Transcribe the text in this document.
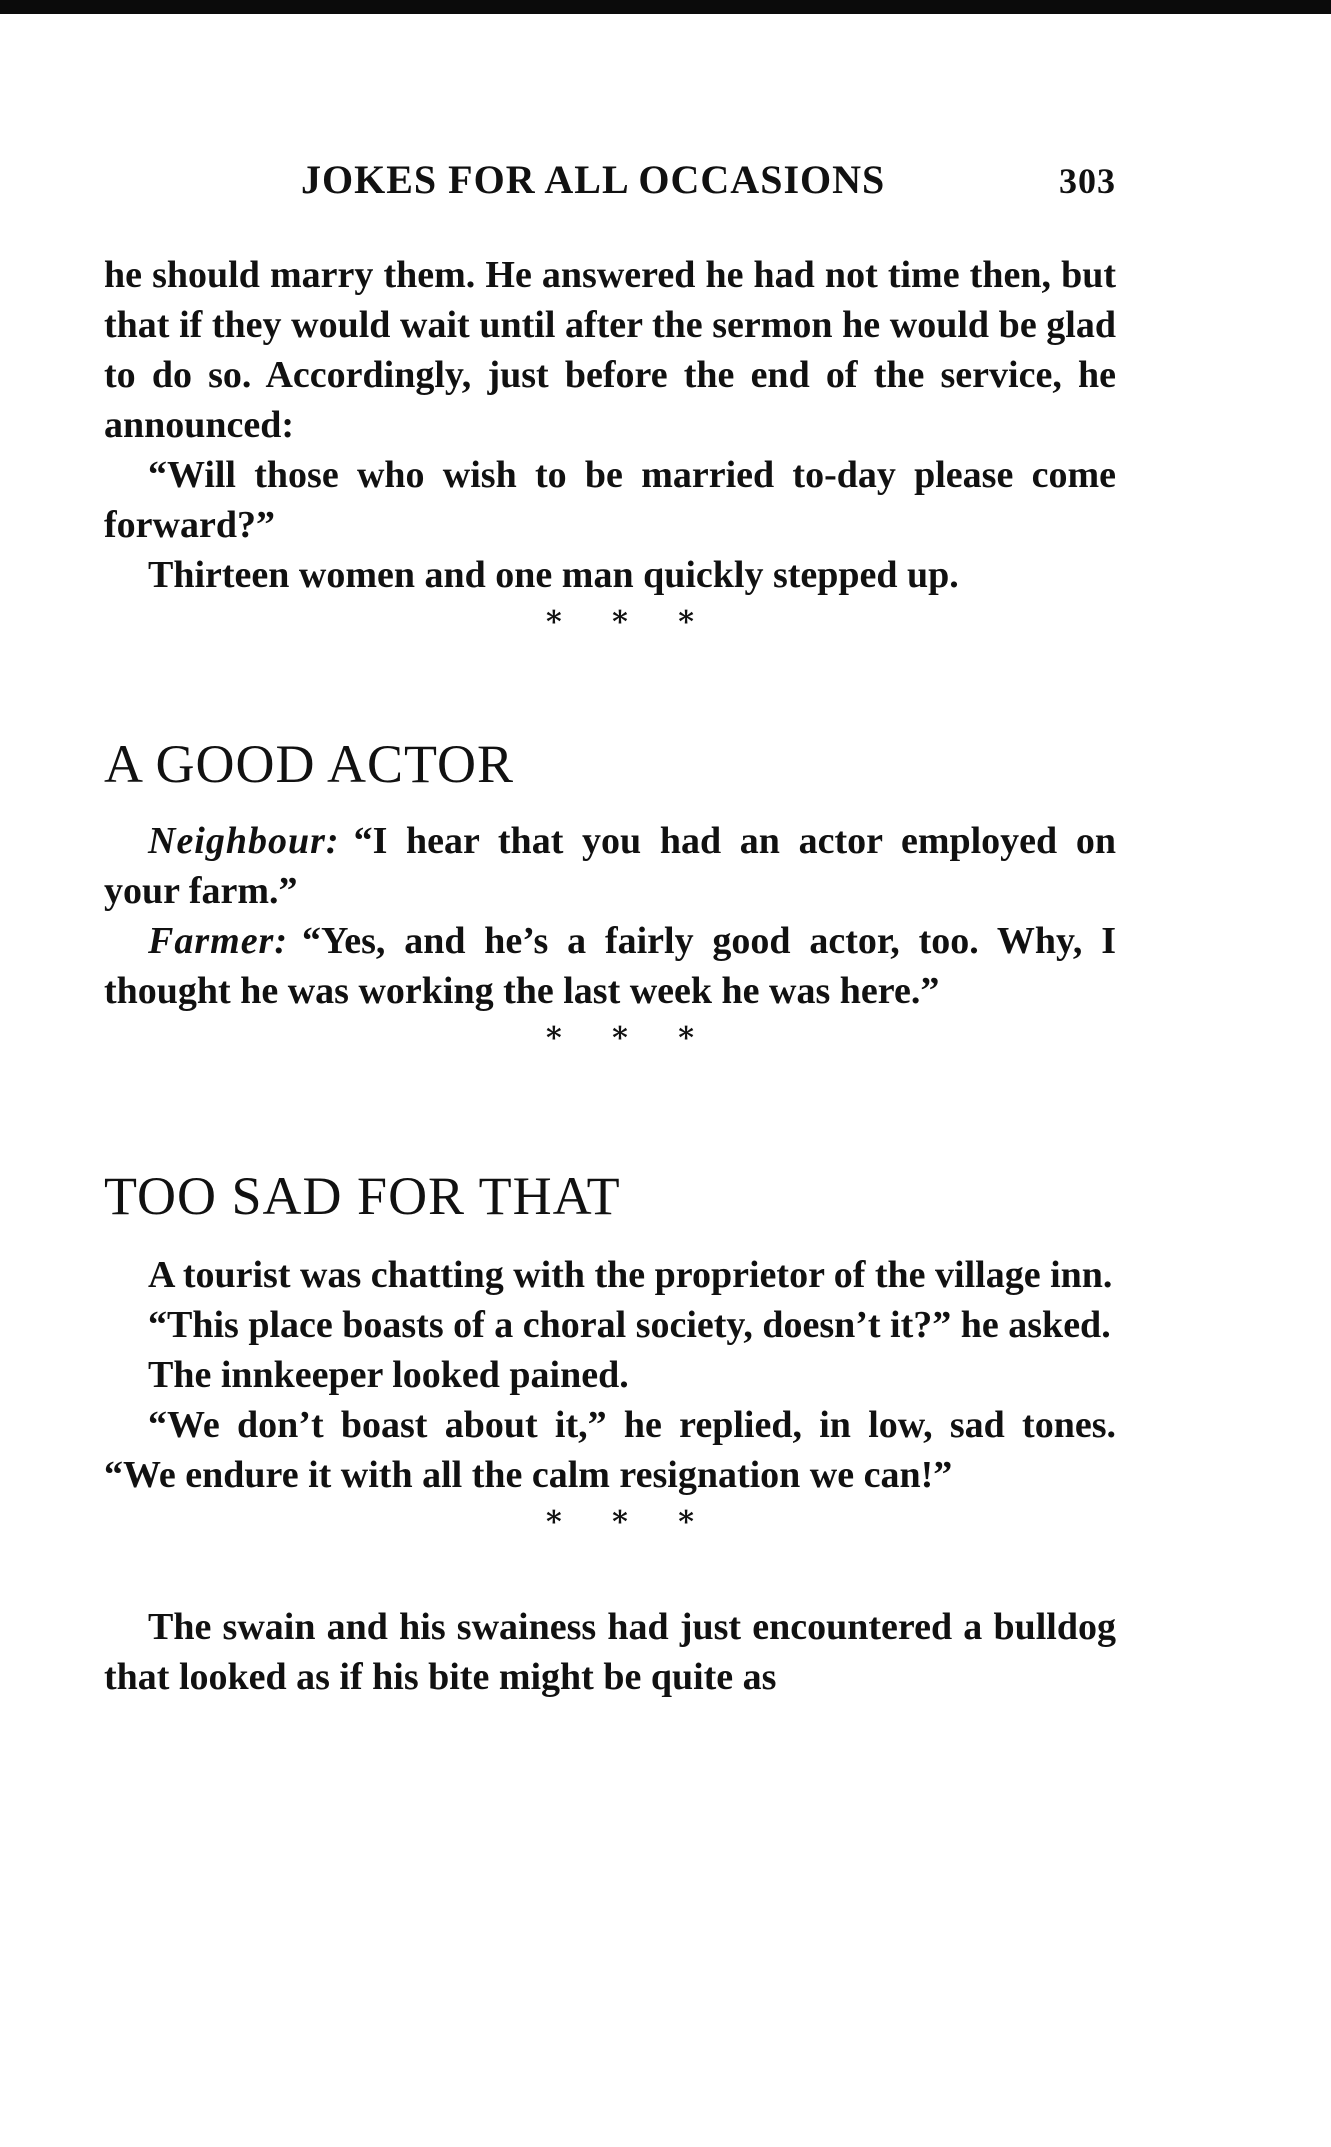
JOKES FOR ALL OCCASIONS	303

he should marry them. He answered he had not time then, but that if they would wait until after the sermon he would be glad to do so. Accordingly, just before the end of the service, he announced:

“Will those who wish to be married to-day please come forward?”

Thirteen women and one man quickly stepped up.

* * *
A GOOD ACTOR

Neighbour: “I hear that you had an actor employed on your farm.”

Farmer: “Yes, and he’s a fairly good actor, too. Why, I thought he was working the last week he was here.”

* * *
TOO SAD FOR THAT

A tourist was chatting with the proprietor of the village inn.

“This place boasts of a choral society, doesn’t it?” he asked.

The innkeeper looked pained.

“We don’t boast about it,” he replied, in low, sad tones. “We endure it with all the calm resignation we can!”

* * *

The swain and his swainess had just encountered a bulldog that looked as if his bite might be quite as
